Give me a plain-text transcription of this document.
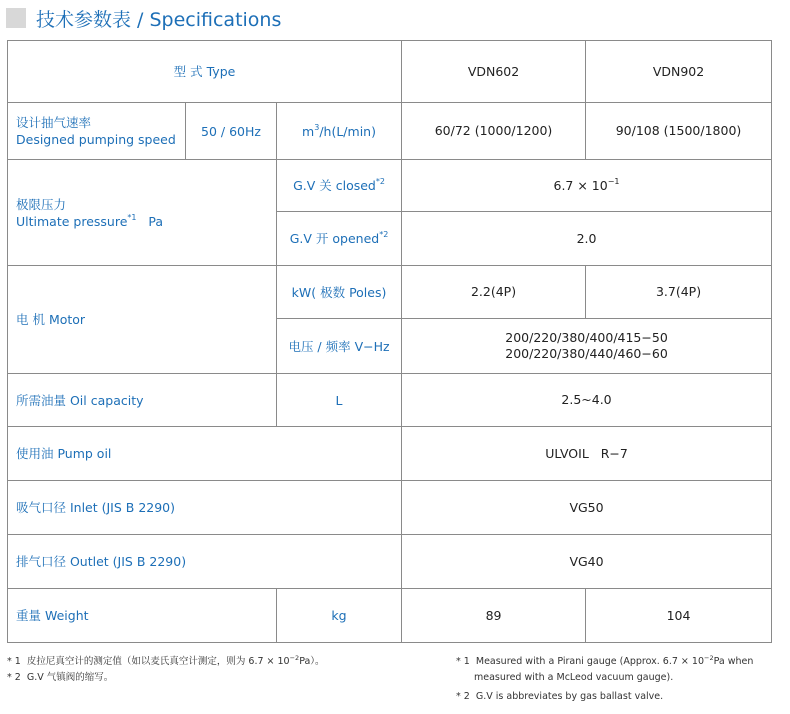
技术参数表 / Specifications
型 式 Type			VDN602	VDN902

设计抽气速率
Designed pumping speed	50 / 60Hz	$m^3/h(L/\min)$	60/72 (1000/1200)	90/108 (1500/1800)

极限压力
Ultimate pressure$^{*1}$ Pa		G.V 关 closed$^{*2}$	$6.7 \times 10^{-1}$
		G.V 开 opened$^{*2}$	2.0	
电 机 Motor		kW( 极数 Poles)	2.2(4P)	3.7(4P)
		电压 / 频率 V−Hz	200/220/380/400/415−50
200/220/380/440/460−60	

所需油量 Oil capacity		L	2.5~4.0	
使用油 Pump oil			ULVOIL   R−7	
吸气口径 Inlet (JIS B 2290)			VG50	
排气口径 Outlet (JIS B 2290)			VG40	
重量 Weight		kg	89	104
* 1 皮拉尼真空计的测定值（如以麦氏真空计测定，则为 $6.7 \times 10^{-2}Pa$）。
* 2 G.V 气镇阀的缩写。
* 1 Measured with a Pirani gauge (Approx. $6.7 \times 10^{-2}Pa$ when
measured with a McLeod vacuum gauge).
* 2 G.V is abbreviates by gas ballast valve.
